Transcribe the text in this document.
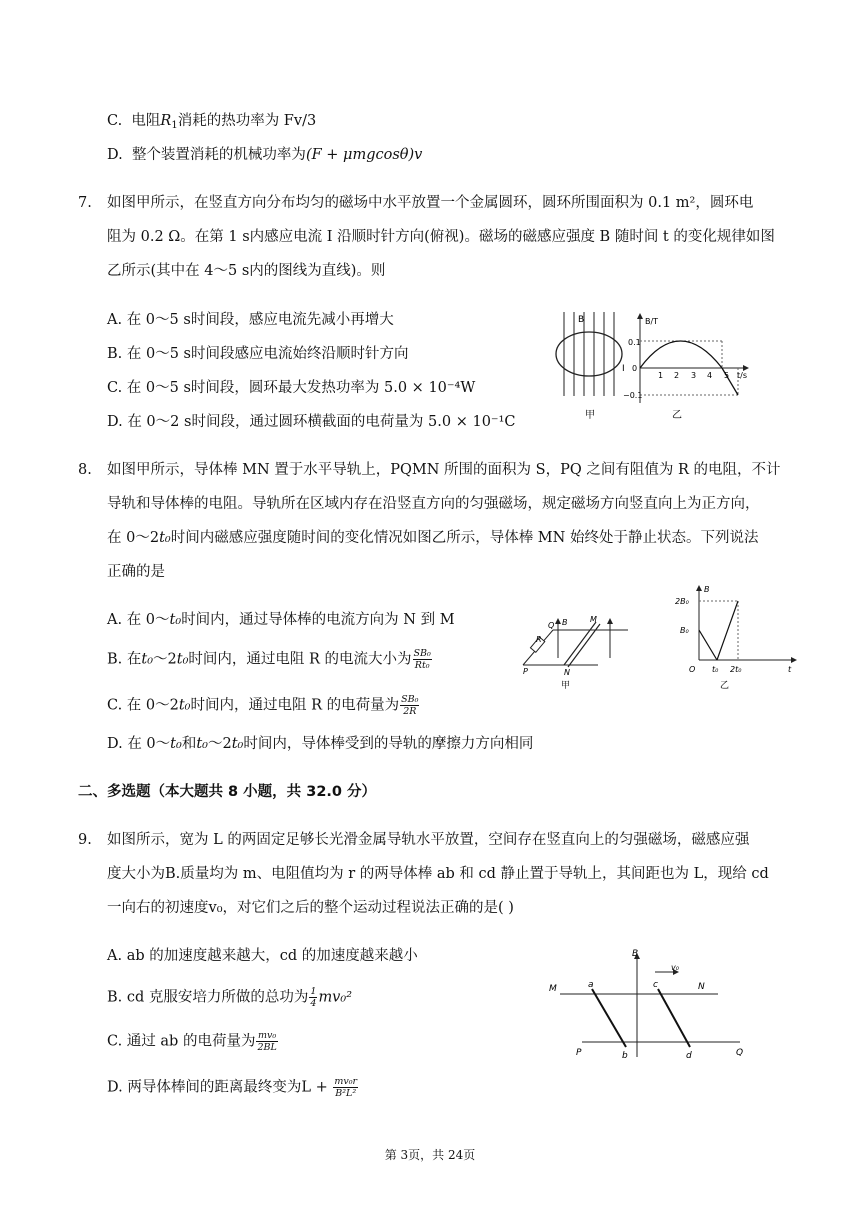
C. 电阻$R_1$消耗的热功率为 Fv/3
D. 整个装置消耗的机械功率为(F + μmgcosθ)v
7. 如图甲所示，在竖直方向分布均匀的磁场中水平放置一个金属圆环，圆环所围面积为 0.1 m²，圆环电
阻为 0.2 Ω。在第 1 s内感应电流 I 沿顺时针方向(俯视)。磁场的磁感应强度 B 随时间 t 的变化规律如图
乙所示(其中在 4～5 s内的图线为直线)。则
A. 在 0～5 s时间段，感应电流先减小再增大
B. 在 0～5 s时间段感应电流始终沿顺时针方向
C. 在 0～5 s时间段，圆环最大发热功率为 5.0 × 10⁻⁴W
D. 在 0～2 s时间段，通过圆环横截面的电荷量为 5.0 × 10⁻¹C
B
I
甲
B/T
t/s
0.1
0
−0.1
1 2 3 4 5
乙
8. 如图甲所示，导体棒 MN 置于水平导轨上，PQMN 所围的面积为 S，PQ 之间有阻值为 R 的电阻，不计
导轨和导体棒的电阻。导轨所在区域内存在沿竖直方向的匀强磁场，规定磁场方向竖直向上为正方向，
在 0～2t₀时间内磁感应强度随时间的变化情况如图乙所示，导体棒 MN 始终处于静止状态。下列说法
正确的是
A. 在 0～t₀时间内，通过导体棒的电流方向为 N 到 M
B. 在t₀～2t₀时间内，通过电阻 R 的电流大小为 $\frac{\text{SB₀}}{\text{Rt₀}}$
C. 在 0～2t₀时间内，通过电阻 R 的电荷量为 $\frac{\text{SB₀}}{2R}$
D. 在 0～t₀和t₀～2t₀时间内，导体棒受到的导轨的摩擦力方向相同
Q B	M
R
P	N
甲
B
2B₀
B₀
O t₀ 2t₀	t
乙
二、多选题（本大题共 8 小题，共 32.0 分）
9. 如图所示，宽为 L 的两固定足够长光滑金属导轨水平放置，空间存在竖直向上的匀强磁场，磁感应强
度大小为B.质量均为 m、电阻值均为 r 的两导体棒 ab 和 cd 静止置于导轨上，其间距也为 L，现给 cd
一向右的初速度v₀，对它们之后的整个运动过程说法正确的是( )
A. ab 的加速度越来越大，cd 的加速度越来越小
B. cd 克服安培力所做的总功为 $\frac{1}{4} mv_0^2$
C. 通过 ab 的电荷量为 $\frac{\text{mv₀}}{2BL}$
D. 两导体棒间的距离最终变为$L + \frac{\text{mv₀r}}{\text{B²L²}}$
B
v₀
M	a	c	N
P	b	d	Q
第 3页，共 24页
